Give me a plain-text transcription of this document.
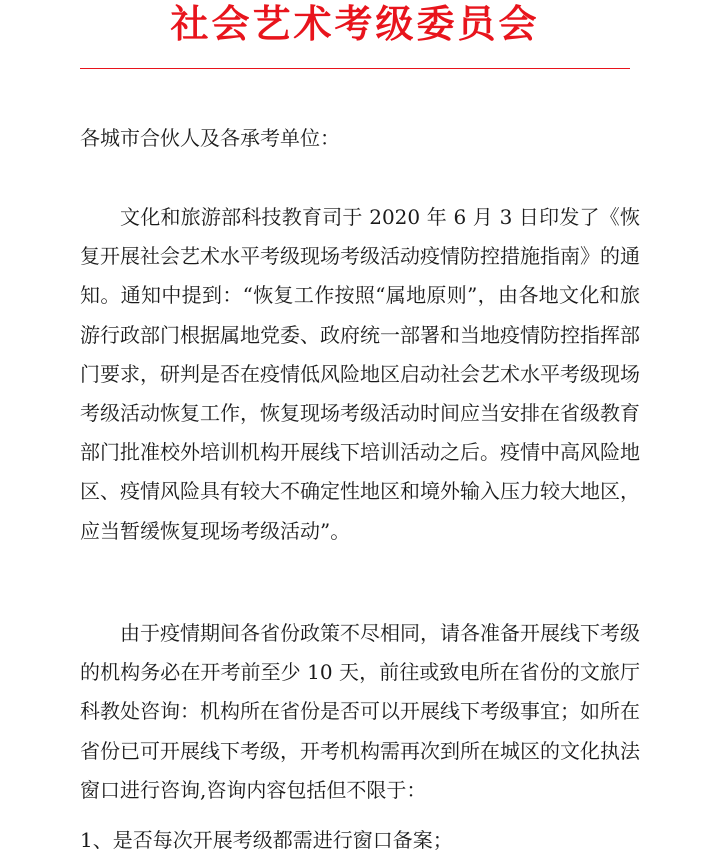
社会艺术考级委员会
各城市合伙人及各承考单位：

文化和旅游部科技教育司于 2020 年 6 月 3 日印发了《恢复开展社会艺术水平考级现场考级活动疫情防控措施指南》的通知。通知中提到：“恢复工作按照“属地原则”，由各地文化和旅游行政部门根据属地党委、政府统一部署和当地疫情防控指挥部门要求，研判是否在疫情低风险地区启动社会艺术水平考级现场考级活动恢复工作，恢复现场考级活动时间应当安排在省级教育部门批准校外培训机构开展线下培训活动之后。疫情中高风险地区、疫情风险具有较大不确定性地区和境外输入压力较大地区，应当暂缓恢复现场考级活动”。

由于疫情期间各省份政策不尽相同，请各准备开展线下考级的机构务必在开考前至少 10 天，前往或致电所在省份的文旅厅科教处咨询：机构所在省份是否可以开展线下考级事宜；如所在省份已可开展线下考级，开考机构需再次到所在城区的文化执法窗口进行咨询,咨询内容包括但不限于：

1、是否每次开展考级都需进行窗口备案；
